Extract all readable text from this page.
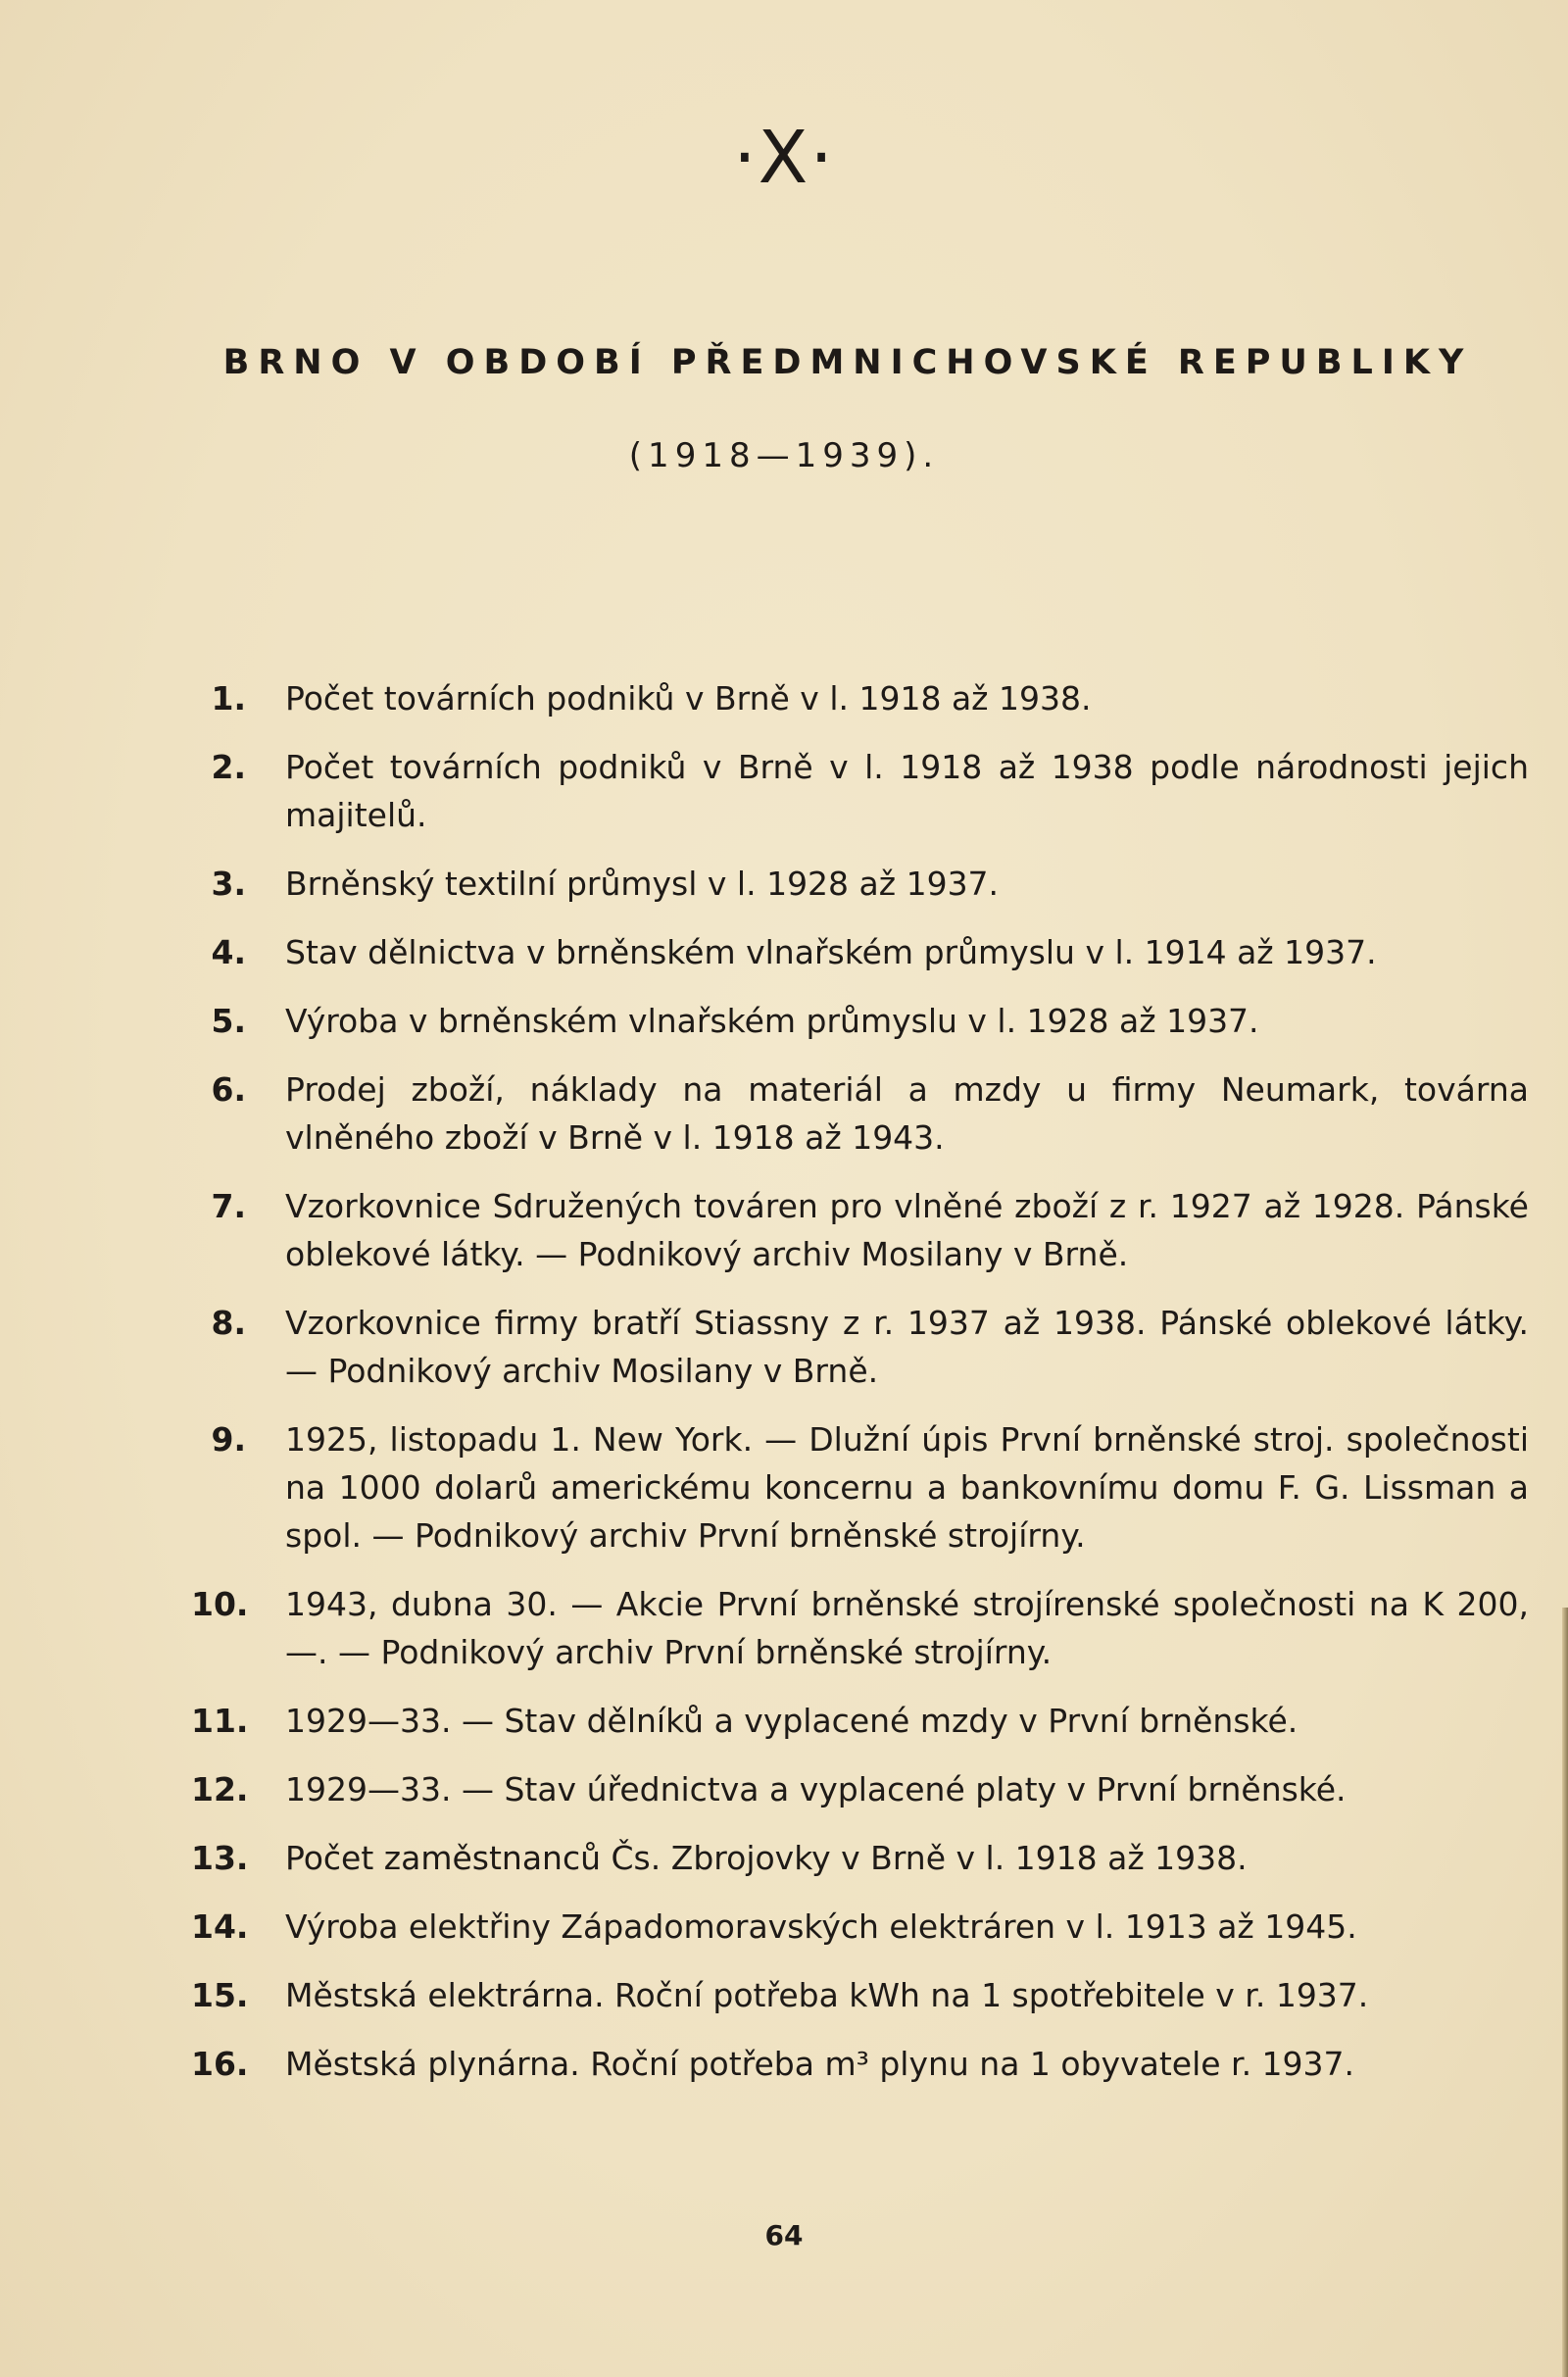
·X·
BRNO V OBDOBÍ PŘEDMNICHOVSKÉ REPUBLIKY
(1918—1939).
1. Počet továrních podniků v Brně v l. 1918 až 1938.
2. Počet továrních podniků v Brně v l. 1918 až 1938 podle národnosti jejich majitelů.
3. Brněnský textilní průmysl v l. 1928 až 1937.
4. Stav dělnictva v brněnském vlnařském průmyslu v l. 1914 až 1937.
5. Výroba v brněnském vlnařském průmyslu v l. 1928 až 1937.
6. Prodej zboží, náklady na materiál a mzdy u firmy Neumark, továrna vlněného zboží v Brně v l. 1918 až 1943.
7. Vzorkovnice Sdružených továren pro vlněné zboží z r. 1927 až 1928. Pánské oblekové látky. — Podnikový archiv Mosilany v Brně.
8. Vzorkovnice firmy bratří Stiassny z r. 1937 až 1938. Pánské oblekové látky. — Podnikový archiv Mosilany v Brně.
9. 1925, listopadu 1. New York. — Dlužní úpis První brněnské stroj. společnosti na 1000 dolarů americkému koncernu a bankovnímu domu F. G. Lissman a spol. — Podnikový archiv První brněnské strojírny.
10. 1943, dubna 30. — Akcie První brněnské strojírenské společnosti na K 200,—. — Podnikový archiv První brněnské strojírny.
11. 1929—33. — Stav dělníků a vyplacené mzdy v První brněnské.
12. 1929—33. — Stav úřednictva a vyplacené platy v První brněnské.
13. Počet zaměstnanců Čs. Zbrojovky v Brně v l. 1918 až 1938.
14. Výroba elektřiny Západomoravských elektráren v l. 1913 až 1945.
15. Městská elektrárna. Roční potřeba kWh na 1 spotřebitele v r. 1937.
16. Městská plynárna. Roční potřeba m³ plynu na 1 obyvatele r. 1937.
64
